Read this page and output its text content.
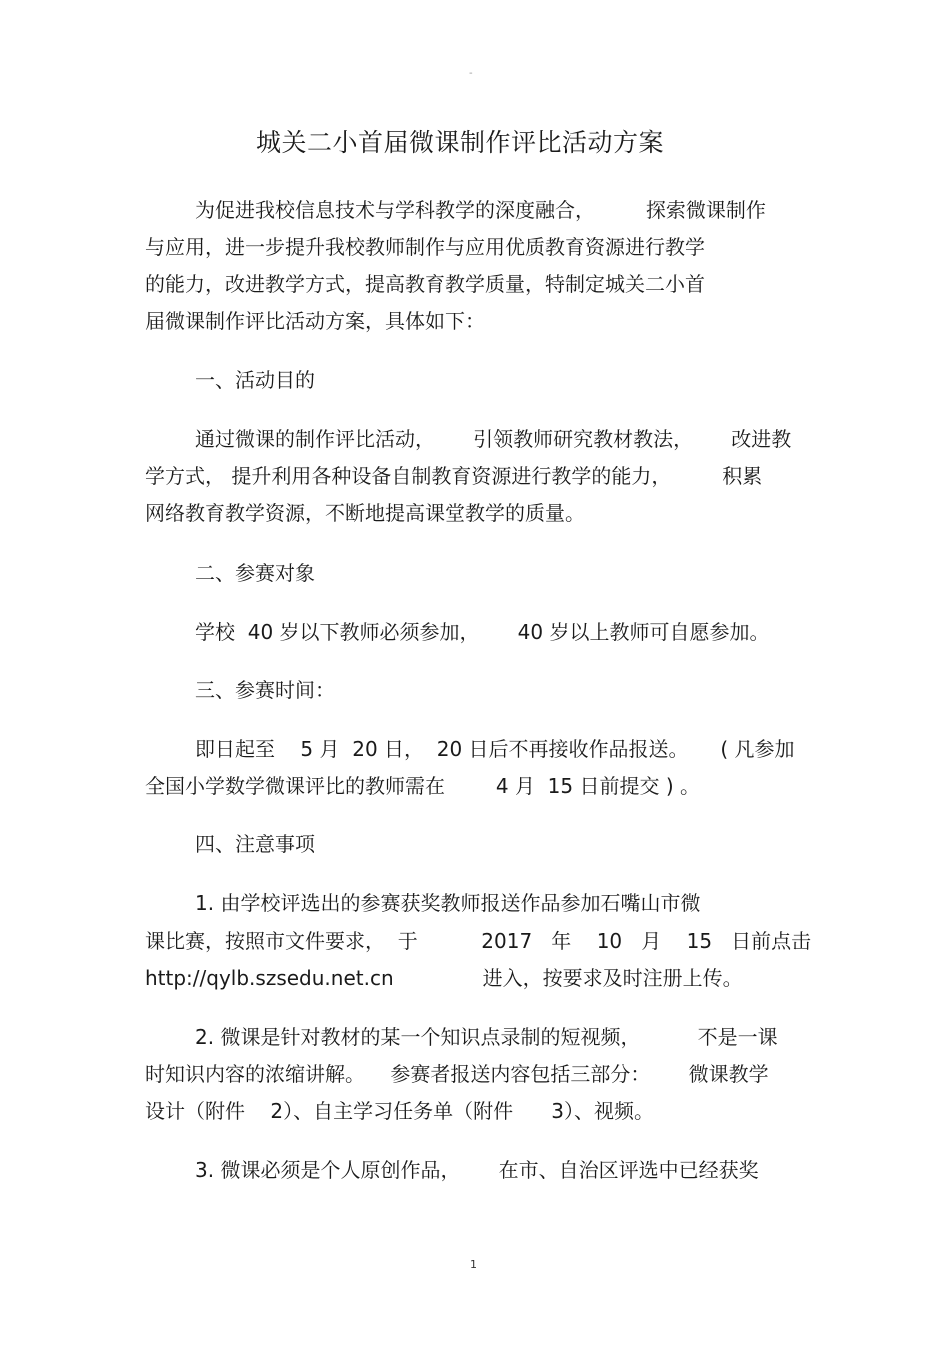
-
城关二小首届微课制作评比活动方案

为促进我校信息技术与学科教学的深度融合，        探索微课制作

与应用，进一步提升我校教师制作与应用优质教育资源进行教学

的能力，改进教学方式，提高教育教学质量，特制定城关二小首

届微课制作评比活动方案，具体如下：

一、活动目的

通过微课的制作评比活动，      引领教师研究教材教法，      改进教

学方式， 提升利用各种设备自制教育资源进行教学的能力，        积累

网络教育教学资源，不断地提高课堂教学的质量。

二、参赛对象

学校  40 岁以下教师必须参加，      40 岁以上教师可自愿参加。

三、参赛时间：

即日起至    5 月  20 日，  20 日后不再接收作品报送。     ( 凡参加

全国小学数学微课评比的教师需在        4 月  15 日前提交 ) 。

四、注意事项

1. 由学校评选出的参赛获奖教师报送作品参加石嘴山市微

课比赛，按照市文件要求，  于          2017   年    10   月    15   日前点击

http://qylb.szsedu.net.cn              进入，按要求及时注册上传。

2. 微课是针对教材的某一个知识点录制的短视频，         不是一课

时知识内容的浓缩讲解。    参赛者报送内容包括三部分：      微课教学

设计（附件    2）、自主学习任务单（附件      3）、视频。

3. 微课必须是个人原创作品，      在市、自治区评选中已经获奖

1
